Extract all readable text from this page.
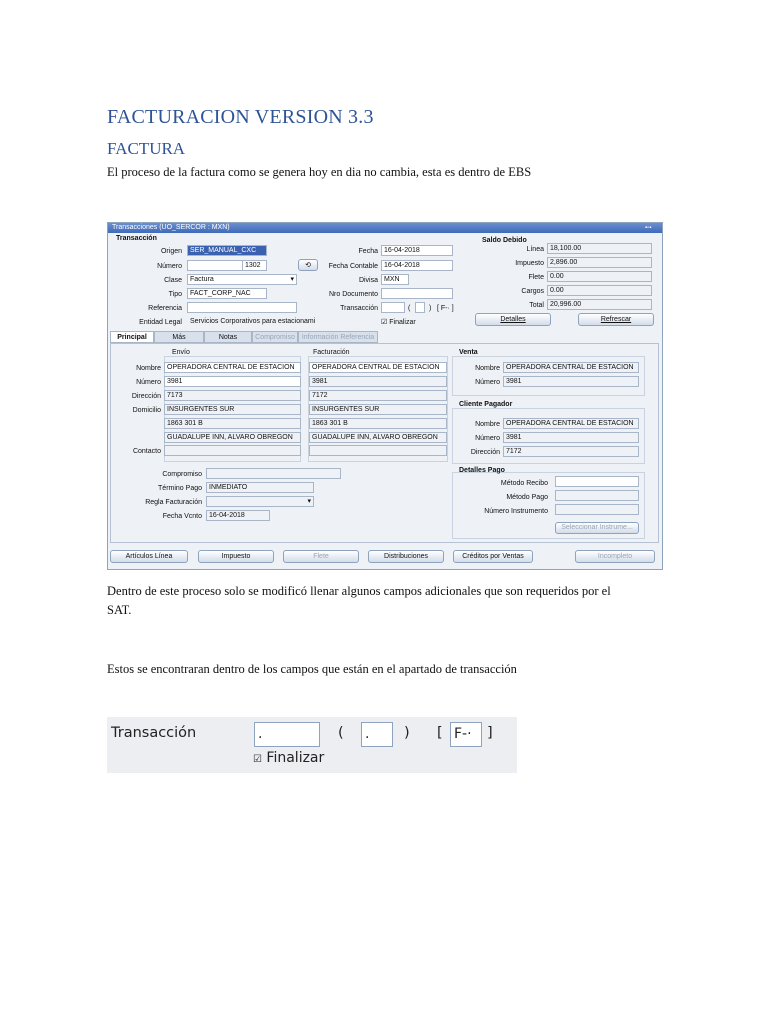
FACTURACION VERSION 3.3
FACTURA

El proceso de la factura como se genera hoy en dia no cambia, esta es dentro de EBS

Transacciones (UO_SERCOR : MXN)	▪▫▪
Transacción
Origen	SER_MANUAL_CXC
Número	1302	⟲
Clase	Factura	▾
Tipo	FACT_CORP_NAC
Referencia
Entidad Legal	Servicios Corporativos para estacionami
Fecha 16-04-2018
Fecha Contable 16-04-2018
Divisa MXN
Nro Documento
Transacción	(	) [ F-· ]
☑ Finalizar
Saldo Debido
Línea 18,100.00
Impuesto 2,896.00
Flete 0.00
Cargos 0.00
Total 20,996.00
Detalles	Refrescar
Principal	Más	Notas	Compromiso Información Referencia
Envío	Facturación
Nombre OPERADORA CENTRAL DE ESTACION	OPERADORA CENTRAL DE ESTACION
Número 3981	3981
Dirección 7173	7172
Domicilio INSURGENTES SUR	INSURGENTES SUR
1863 301 B	1863 301 B
GUADALUPE INN, ALVARO OBREGON	GUADALUPE INN, ALVARO OBREGON
Contacto
Venta
Nombre OPERADORA CENTRAL DE ESTACION
Número 3981
Cliente Pagador
Nombre OPERADORA CENTRAL DE ESTACION
Número 3981
Dirección 7172
Compromiso
Término Pago	INMEDIATO
Regla Facturación	▾
Fecha Vcnto	16-04-2018
Detalles Pago
Método Recibo
Método Pago
Número Instrumento
Seleccionar Instrume...
Artículos Línea	Impuesto	Flete	Distribuciones	Créditos por Ventas	Incompleto

Dentro de este proceso solo se modificó llenar algunos campos adicionales que son requeridos por el

SAT.

Estos se encontraran dentro de los campos que están en el apartado de transacción

Transacción	.	( .	) [ F-·	]
☑ Finalizar
